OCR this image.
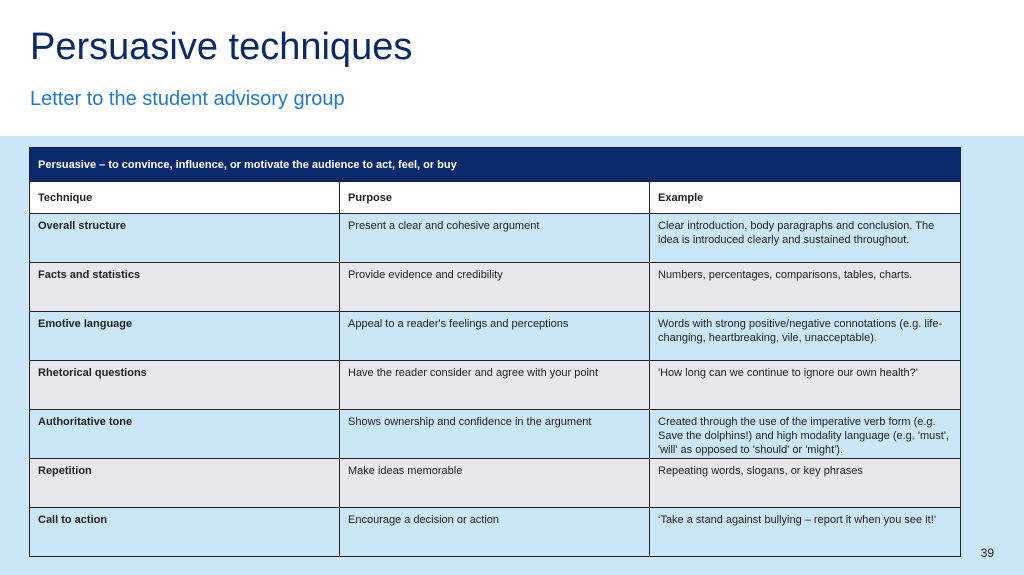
Persuasive techniques
Letter to the student advisory group
Persuasive – to convince, influence, or motivate the audience to act, feel, or buy		
Technique	Purpose	Example
Overall structure	Present a clear and cohesive argument	Clear introduction, body paragraphs and conclusion. The idea is introduced clearly and sustained throughout.
Facts and statistics	Provide evidence and credibility	Numbers, percentages, comparisons, tables, charts.
Emotive language	Appeal to a reader's feelings and perceptions	Words with strong positive/negative connotations (e.g. life-changing, heartbreaking, vile, unacceptable).
Rhetorical questions	Have the reader consider and agree with your point	'How long can we continue to ignore our own health?'
Authoritative tone	Shows ownership and confidence in the argument	Created through the use of the imperative verb form (e.g. Save the dolphins!) and high modality language (e.g. 'must', 'will' as opposed to 'should' or 'might').
Repetition	Make ideas memorable	Repeating words, slogans, or key phrases
Call to action	Encourage a decision or action	‘Take a stand against bullying – report it when you see it!’
39
